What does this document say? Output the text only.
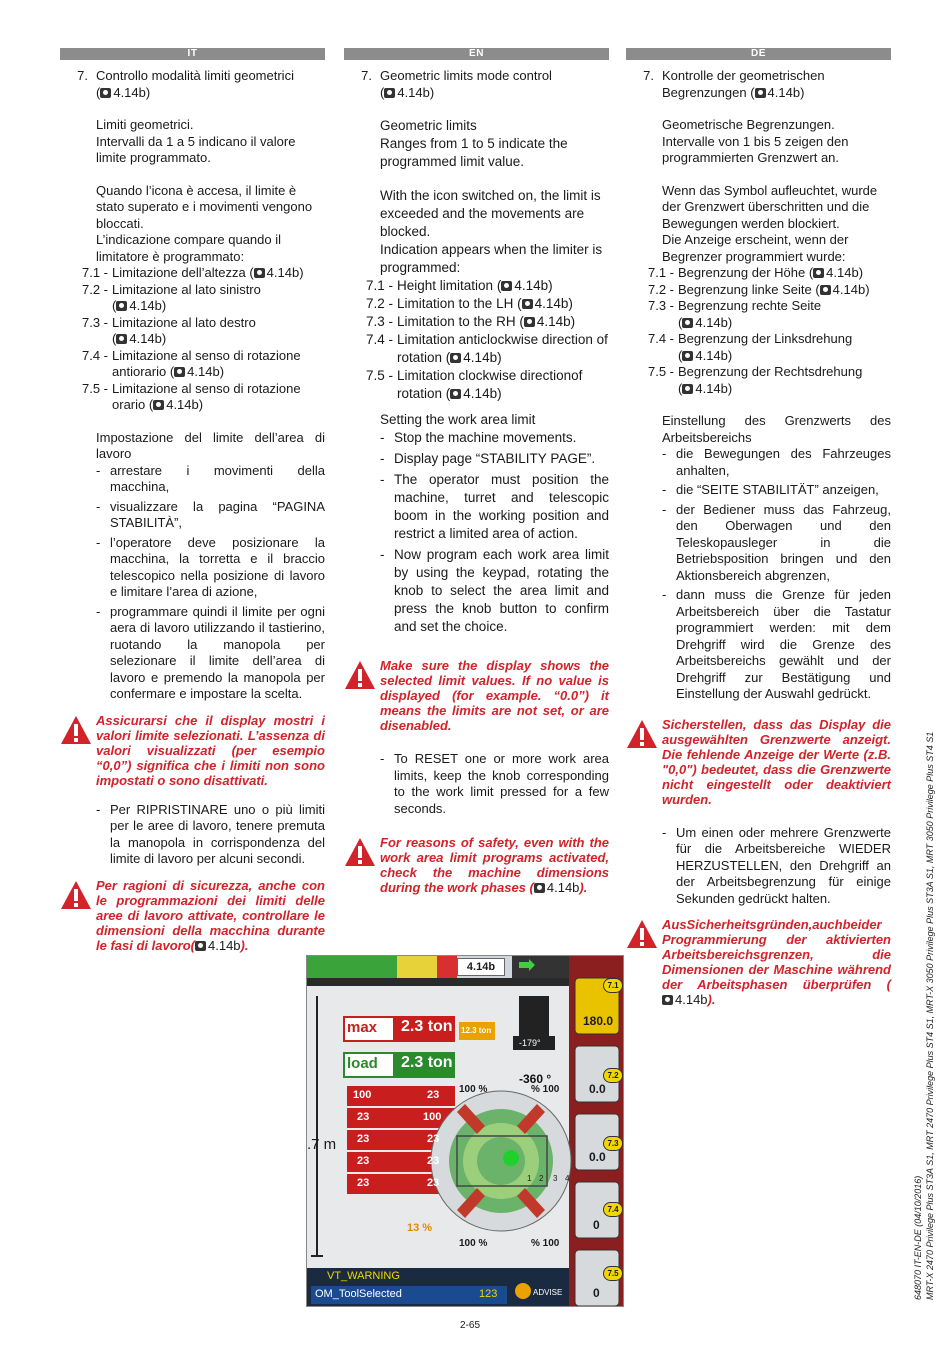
IT
7. Controllo modalità limiti geometrici
( 4.14b)

Limiti geometrici.

Intervalli da 1 a 5 indicano il valore limite programmato.

Quando l’icona è accesa, il limite è stato superato e i movimenti vengono bloccati.

L’indicazione compare quando il limitatore è programmato:

7.1 - Limitazione dell’altezza ( 4.14b)
7.2 - Limitazione al lato sinistro
( 4.14b)
7.3 - Limitazione al lato destro
( 4.14b)
7.4 - Limitazione al senso di rotazione antiorario ( 4.14b)
7.5 - Limitazione al senso di rotazione orario ( 4.14b)

Impostazione del limite dell’area di lavoro

- arrestare i movimenti della macchina,
- visualizzare la pagina “PAGINA STABILITÀ”,
- l’operatore deve posizionare la macchina, la torretta e il braccio telescopico nella posizione di lavoro e limitare l’area di azione,
- programmare quindi il limite per ogni aera di lavoro utilizzando il tastierino, ruotando la manopola per selezionare il limite dell’area di lavoro e premendo la manopola per confermare e impostare la scelta.
Assicurarsi che il display mostri i valori limite selezionati. L’assenza di valori visualizzati (per esempio “0,0”) significa che i limiti non sono impostati o sono disattivati.
- Per RIPRISTINARE uno o più limiti per le aree di lavoro, tenere premuta la manopola in corrispondenza del limite di lavoro per alcuni secondi.
Per ragioni di sicurezza, anche con le programmazioni dei limiti delle aree di lavoro attivate, controllare le dimensioni della macchina durante le fasi di lavoro( 4.14b).
EN
7. Geometric limits mode control
( 4.14b)

Geometric limits

Ranges from 1 to 5 indicate the programmed limit value.

With the icon switched on, the limit is exceeded and the movements are blocked.

Indication appears when the limiter is programmed:

7.1 - Height limitation ( 4.14b)
7.2 - Limitation to the LH ( 4.14b)
7.3 - Limitation to the RH ( 4.14b)
7.4 - Limitation anticlockwise direction of rotation ( 4.14b)
7.5 - Limitation clockwise directionof rotation ( 4.14b)

Setting the work area limit

- Stop the machine movements.
- Display page “STABILITY PAGE”.
- The operator must position the machine, turret and telescopic boom in the working position and restrict a limited area of action.
- Now program each work area limit by using the keypad, rotating the knob to select the area limit and press the knob button to confirm and set the choice.
Make sure the display shows the selected limit values. If no value is displayed (for example. “0.0”) it means the limits are not set, or are disenabled.
- To RESET one or more work area limits, keep the knob corresponding to the work limit pressed for a few seconds.
For reasons of safety, even with the work area limit programs activated, check the machine dimensions during the work phases ( 4.14b).
DE
7. Kontrolle der geometrischen Begrenzungen ( 4.14b)

Geometrische Begrenzungen.

Intervalle von 1 bis 5 zeigen den programmierten Grenzwert an.

Wenn das Symbol aufleuchtet, wurde der Grenzwert überschritten und die Bewegungen werden blockiert.

Die Anzeige erscheint, wenn der Begrenzer programmiert wurde:

7.1 - Begrenzung der Höhe ( 4.14b)
7.2 - Begrenzung linke Seite ( 4.14b)
7.3 - Begrenzung rechte Seite
( 4.14b)
7.4 - Begrenzung der Linksdrehung
( 4.14b)
7.5 - Begrenzung der Rechtsdrehung
( 4.14b)

Einstellung des Grenzwerts des Arbeitsbereichs

- die Bewegungen des Fahrzeuges anhalten,
- die “SEITE STABILITÄT” anzeigen,
- der Bediener muss das Fahrzeug, den Oberwagen und den Teleskopausleger in die Betriebsposition bringen und den Aktionsbereich abgrenzen,
- dann muss die Grenze für jeden Arbeitsbereich über die Tastatur programmiert werden: mit dem Drehgriff wird die Grenze des Arbeitsbereichs gewählt und der Drehgriff zur Bestätigung und Einstellung der Auswahl gedrückt.
Sicherstellen, dass das Display die ausgewählten Grenzwerte anzeigt. Die fehlende Anzeige der Werte (z.B. "0,0") bedeutet, dass die Grenzwerte nicht eingestellt oder deaktiviert wurden.
- Um einen oder mehrere Grenzwerte für die Arbeitsbereiche WIEDER HERZUSTELLEN, den Drehgriff an der Arbeitsbegrenzung für einige Sekunden gedrückt halten.
AusSicherheitsgründen,auchbeider Programmierung der aktivierten Arbeitsbereichsgrenzen, die Dimensionen der Maschine während der Arbeitsphasen überprüfen (4.14b).
4.14b
max 2.3 ton
load 2.3 ton
12.3 ton
-179°
-360 °
100 %	% 100
100 %	% 100
.7 m
100	23
23	100
23	23
23	23
23	23
13 %
1 2 3 4
180.0
0.0
0.0
0
0
7.1
7.2
7.3
7.4
7.5
VT_WARNING
OM_ToolSelected	123	ADVISE
2-65
648070 IT-EN-DE (04/10/2016) MRT-X 2470 Privilege Plus ST3A S1, MRT 2470 Privilege Plus ST4 S1, MRT-X 3050 Privilege Plus ST3A S1, MRT 3050 Privilege Plus ST4 S1
